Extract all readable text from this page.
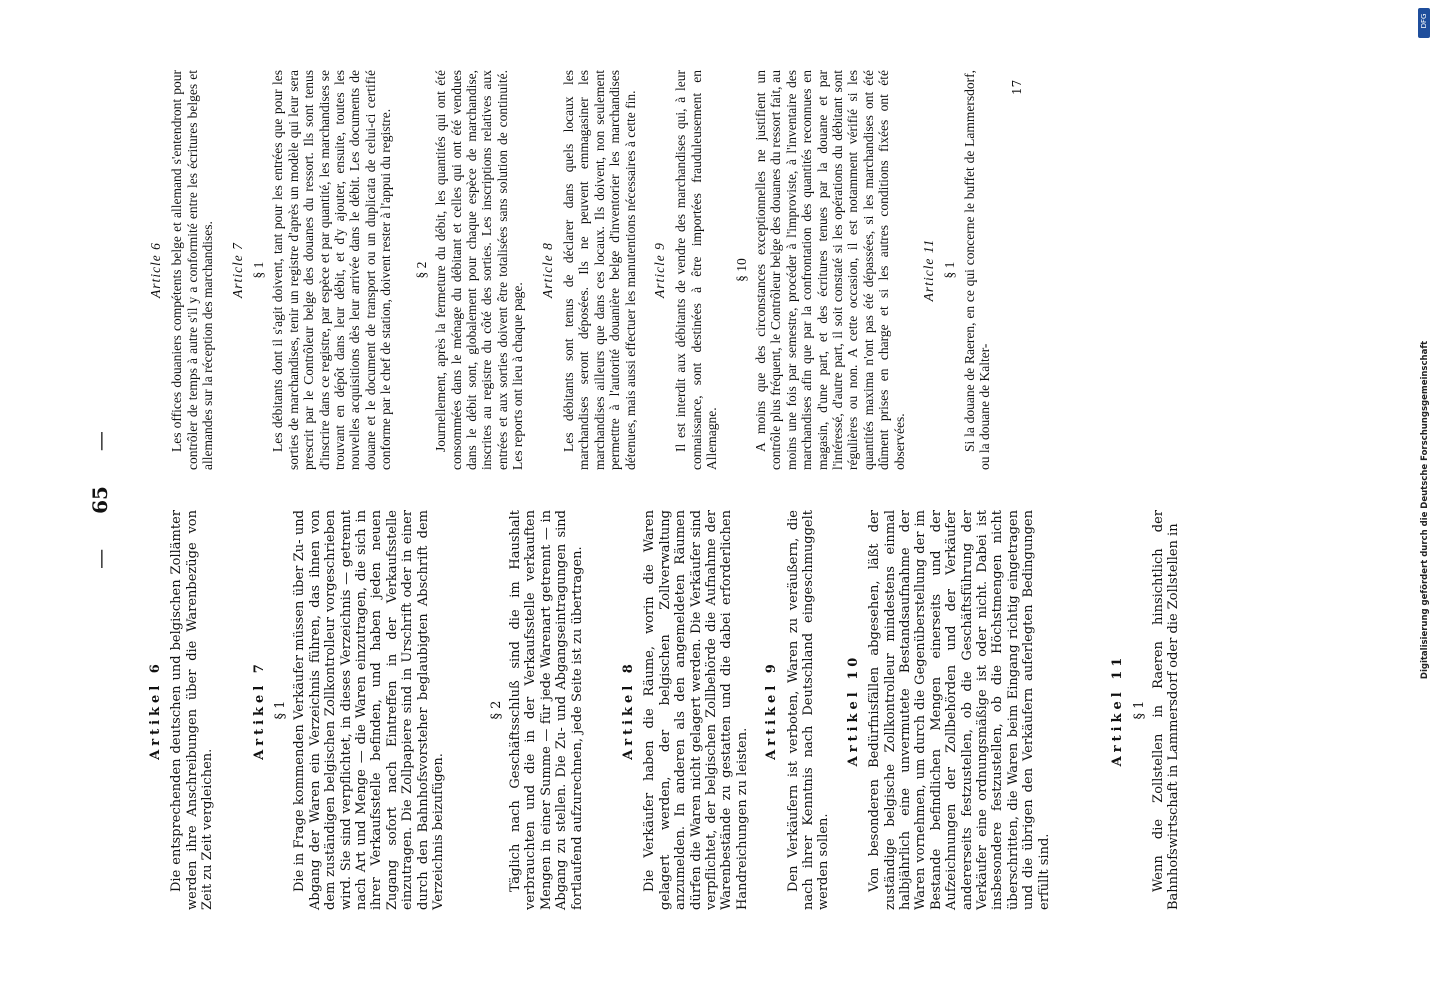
— 65 —
Artikel 6 Die entsprechenden deutschen und belgischen Zollämter werden ihre Anschreibungen über die Warenbezüge von Zeit zu Zeit vergleichen.

Artikel 7 § 1 Die in Frage kommenden Verkäufer müssen über Zu- und Abgang der Waren ein Verzeichnis führen, das ihnen von dem zuständigen belgischen Zollkontrolleur vorgeschrieben wird. Sie sind verpflichtet, in dieses Verzeichnis — getrennt nach Art und Menge — die Waren einzutragen, die sich in ihrer Verkaufsstelle befinden, und haben jeden neuen Zugang sofort nach Eintreffen in der Verkaufsstelle einzutragen. Die Zollpapiere sind in Urschrift oder in einer durch den Bahnhofsvorsteher beglaubigten Abschrift dem Verzeichnis beizufügen.

§ 2 Täglich nach Geschäftsschluß sind die im Haushalt verbrauchten und die in der Verkaufsstelle verkauften Mengen in einer Summe — für jede Warenart getrennt — in Abgang zu stellen. Die Zu- und Abgangseintragungen sind fortlaufend aufzurechnen, jede Seite ist zu übertragen.	Artikel 8 Die Verkäufer haben die Räume, worin die Waren gelagert werden, der belgischen Zollverwaltung anzumelden. In anderen als den angemeldeten Räumen dürfen die Waren nicht gelagert werden. Die Verkäufer sind verpflichtet, der belgischen Zollbehörde die Aufnahme der Warenbestände zu gestatten und die dabei erforderlichen Handreichungen zu leisten.

Artikel 9 Den Verkäufern ist verboten, Waren zu veräußern, die nach ihrer Kenntnis nach Deutschland eingeschmuggelt werden sollen.

Artikel 10 Von besonderen Bedürfnisfällen abgesehen, läßt der zuständige belgische Zollkontrolleur mindestens einmal halbjährlich eine unvermutete Bestandsaufnahme der Waren vornehmen, um durch die Gegenüberstellung der im Bestande befindlichen Mengen einerseits und der Aufzeichnungen der Zollbehörden und der Verkäufer andererseits festzustellen, ob die Geschäftsführung der Verkäufer eine ordnungsmäßige ist oder nicht. Dabei ist insbesondere festzustellen, ob die Höchstmengen nicht überschritten, die Waren beim Eingang richtig eingetragen und die übrigen den Verkäufern auferlegten Bedingungen erfüllt sind.

Artikel 11 § 1 Wenn die Zollstellen in Raeren hinsichtlich der Bahnhofswirtschaft in Lammersdorf oder die Zollstellen in

Article 6 Les offices douaniers compétents belge et allemand s'entendront pour contrôler de temps à autre s'il y a conformité entre les écritures belges et allemandes sur la réception des marchandises. Article 7 § 1 Les débitants dont il s'agit doivent, tant pour les entrées que pour les sorties de marchandises, tenir un registre d'après un modèle qui leur sera prescrit par le Contrôleur belge des douanes du ressort. Ils sont tenus d'inscrire dans ce registre, par espèce et par quantité, les marchandises se trouvant en dépôt dans leur débit, et d'y ajouter, ensuite, toutes les nouvelles acquisitions dès leur arrivée dans le débit. Les documents de douane et le document de transport ou un duplicata de celui-ci certifié conforme par le chef de station, doivent rester à l'appui du registre. § 2 Journellement, après la fermeture du débit, les quantités qui ont été consommées dans le ménage du débitant et celles qui ont été vendues dans le débit sont, globalement pour chaque espèce de marchandise, inscrites au registre du côté des sorties. Les inscriptions relatives aux entrées et aux sorties doivent être totalisées sans solution de continuité. Les reports ont lieu à chaque page.

Article 8 Les débitants sont tenus de déclarer dans quels locaux les marchandises seront déposées. Ils ne peuvent emmagasiner les marchandises ailleurs que dans ces locaux. Ils doivent, non seulement permettre à l'autorité douanière belge d'inventorier les marchandises détenues, mais aussi effectuer les manutentions nécessaires à cette fin. Article 9 Il est interdit aux débitants de vendre des marchandises qui, à leur connaissance, sont destinées à être importées frauduleusement en Allemagne.

§ 10 A moins que des circonstances exceptionnelles ne justifient un contrôle plus fréquent, le Contrôleur belge des douanes du ressort fait, au moins une fois par semestre, procéder à l'improviste, à l'inventaire des marchandises afin que par la confrontation des quantités reconnues en magasin, d'une part, et des écritures tenues par la douane et par l'intéressé, d'autre part, il soit constaté si les opérations du débitant sont régulières ou non. A cette occasion, il est notamment vérifié si les quantités maxima n'ont pas été dépassées, si les marchandises ont été dûment prises en charge et si les autres conditions fixées ont été observées.

Article 11 § 1 Si la douane de Raeren, en ce qui concerne le buffet de Lammersdorf, ou la douane de Kalter-

17
DFG
Digitalisierung gefördert durch die Deutsche Forschungsgemeinschaft
